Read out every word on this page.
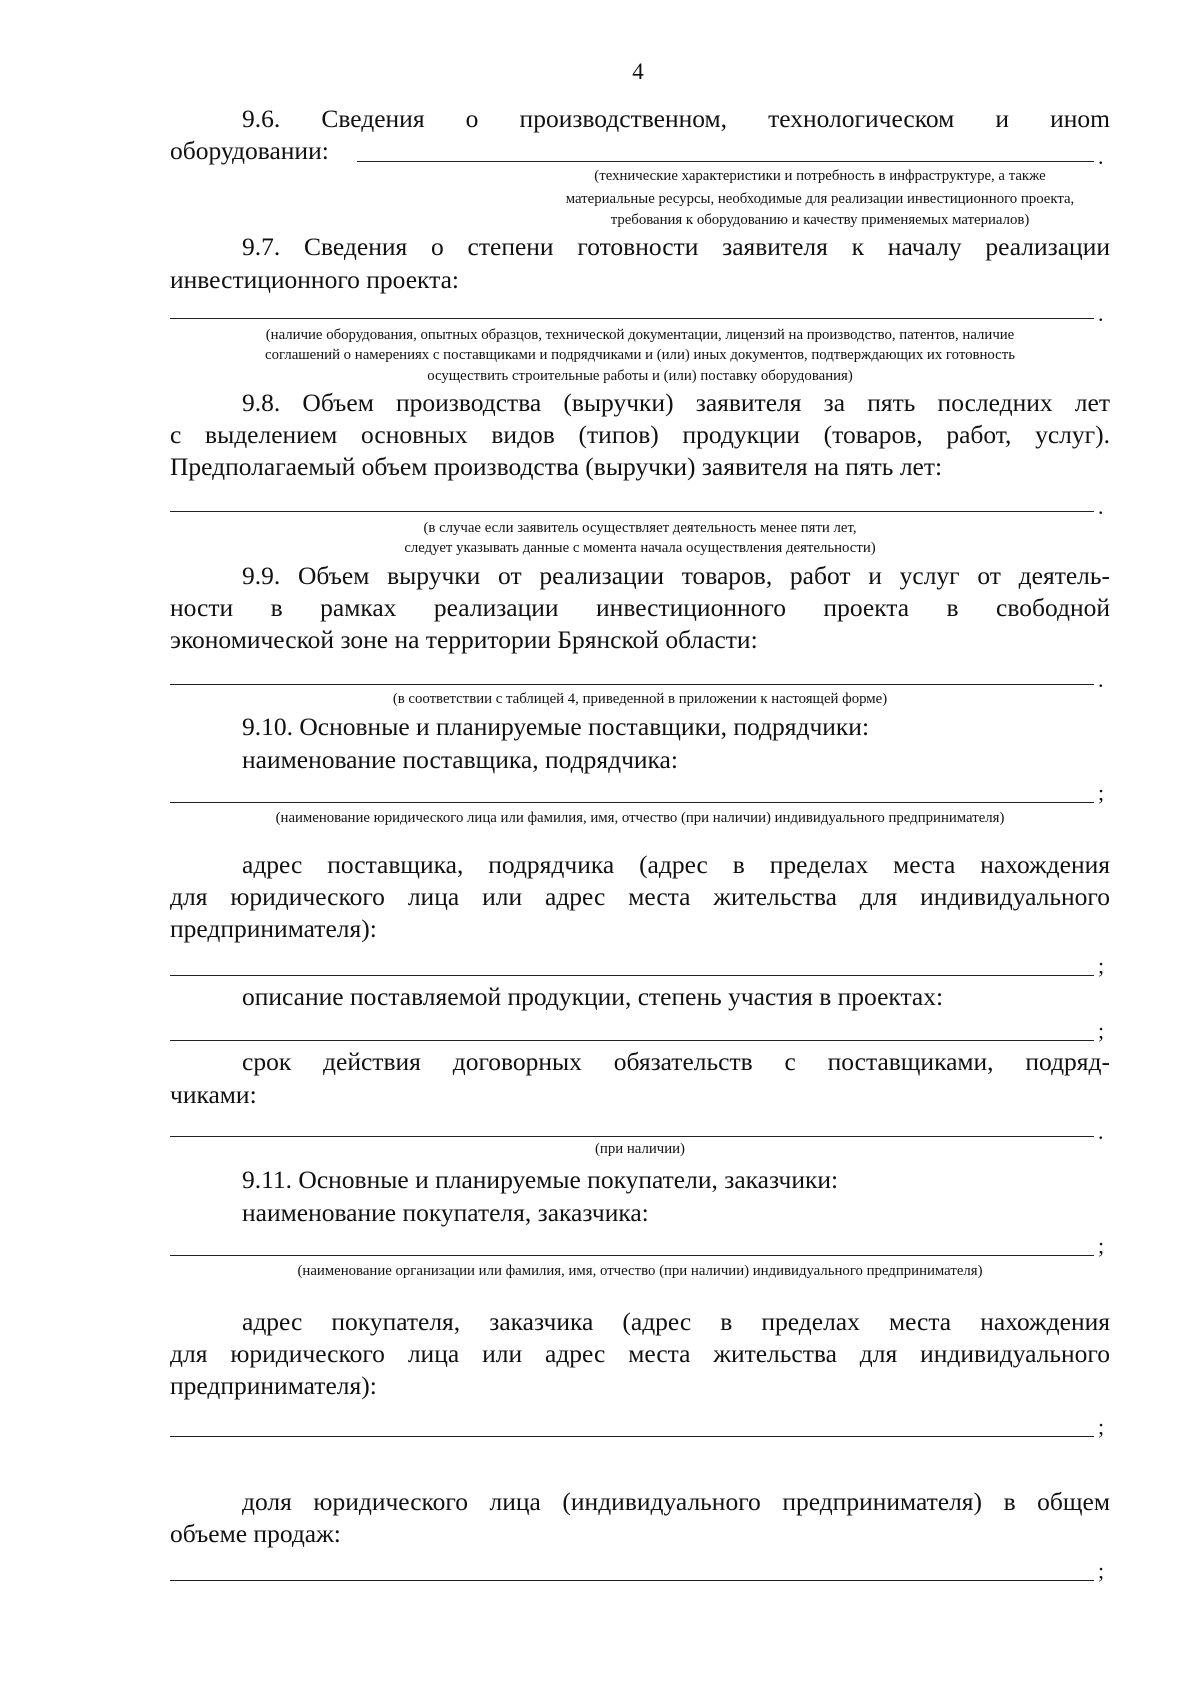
4
9.6. Сведения о производственном, технологическом и иноm
оборудовании:	.
(технические характеристики и потребность в инфраструктуре, а также
материальные ресурсы, необходимые для реализации инвестиционного проекта,
требования к оборудованию и качеству применяемых материалов)
9.7. Сведения о степени готовности заявителя к началу реализации
инвестиционного проекта:
.
(наличие оборудования, опытных образцов, технической документации, лицензий на производство, патентов, наличие
соглашений о намерениях с поставщиками и подрядчиками и (или) иных документов, подтверждающих их готовность
осуществить строительные работы и (или) поставку оборудования)
9.8. Объем производства (выручки) заявителя за пять последних лет
с выделением основных видов (типов) продукции (товаров, работ, услуг).
Предполагаемый объем производства (выручки) заявителя на пять лет:
.
(в случае если заявитель осуществляет деятельность менее пяти лет,
следует указывать данные с момента начала осуществления деятельности)
9.9. Объем выручки от реализации товаров, работ и услуг от деятель-
ности в рамках реализации инвестиционного проекта в свободной
экономической зоне на территории Брянской области:
.
(в соответствии с таблицей 4, приведенной в приложении к настоящей форме)
9.10. Основные и планируемые поставщики, подрядчики:
наименование поставщика, подрядчика:
;
(наименование юридического лица или фамилия, имя, отчество (при наличии) индивидуального предпринимателя)
адрес поставщика, подрядчика (адрес в пределах места нахождения
для юридического лица или адрес места жительства для индивидуального
предпринимателя):
;
описание поставляемой продукции, степень участия в проектах:
;
срок действия договорных обязательств с поставщиками, подряд-
чиками:
.
(при наличии)
9.11. Основные и планируемые покупатели, заказчики:
наименование покупателя, заказчика:
;
(наименование организации или фамилия, имя, отчество (при наличии) индивидуального предпринимателя)
адрес покупателя, заказчика (адрес в пределах места нахождения
для юридического лица или адрес места жительства для индивидуального
предпринимателя):
;
доля юридического лица (индивидуального предпринимателя) в общем
объеме продаж:
;
